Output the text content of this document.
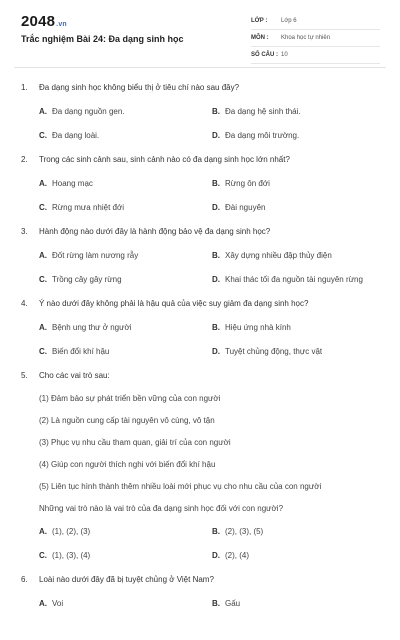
2048.vn
Trắc nghiệm Bài 24: Đa dạng sinh học
LỚP :	Lớp 6
MÔN :	Khoa học tự nhiên
SỐ CÂU : 10
1. Đa dạng sinh học không biểu thị ở tiêu chí nào sau đây?
A. Đa dạng nguồn gen.	B. Đa dạng hệ sinh thái.
C. Đa dạng loài.	D. Đa dạng môi trường.
2. Trong các sinh cảnh sau, sinh cảnh nào có đa dạng sinh học lớn nhất?
A. Hoang mạc	B. Rừng ôn đới
C. Rừng mưa nhiệt đới	D. Đài nguyên
3. Hành động nào dưới đây là hành động bảo vệ đa dạng sinh học?
A. Đốt rừng làm nương rẫy	B. Xây dựng nhiều đập thủy điện
C. Trồng cây gây rừng	D. Khai thác tối đa nguồn tài nguyên rừng
4. Ý nào dưới đây không phải là hậu quả của việc suy giảm đa dạng sinh học?
A. Bệnh ung thư ở người	B. Hiệu ứng nhà kính
C. Biến đổi khí hậu	D. Tuyệt chủng động, thực vật
5. Cho các vai trò sau:
(1) Đảm bảo sự phát triển bền vững của con người
(2) Là nguồn cung cấp tài nguyên vô cùng, vô tận
(3) Phục vụ nhu cầu tham quan, giải trí của con người
(4) Giúp con người thích nghi với biến đổi khí hậu
(5) Liên tục hình thành thêm nhiều loài mới phục vụ cho nhu cầu của con người
Những vai trò nào là vai trò của đa dạng sinh học đối với con người?
A. (1), (2), (3)	B. (2), (3), (5)
C. (1), (3), (4)	D. (2), (4)
6. Loài nào dưới đây đã bị tuyệt chủng ở Việt Nam?
A. Voi	B. Gấu
